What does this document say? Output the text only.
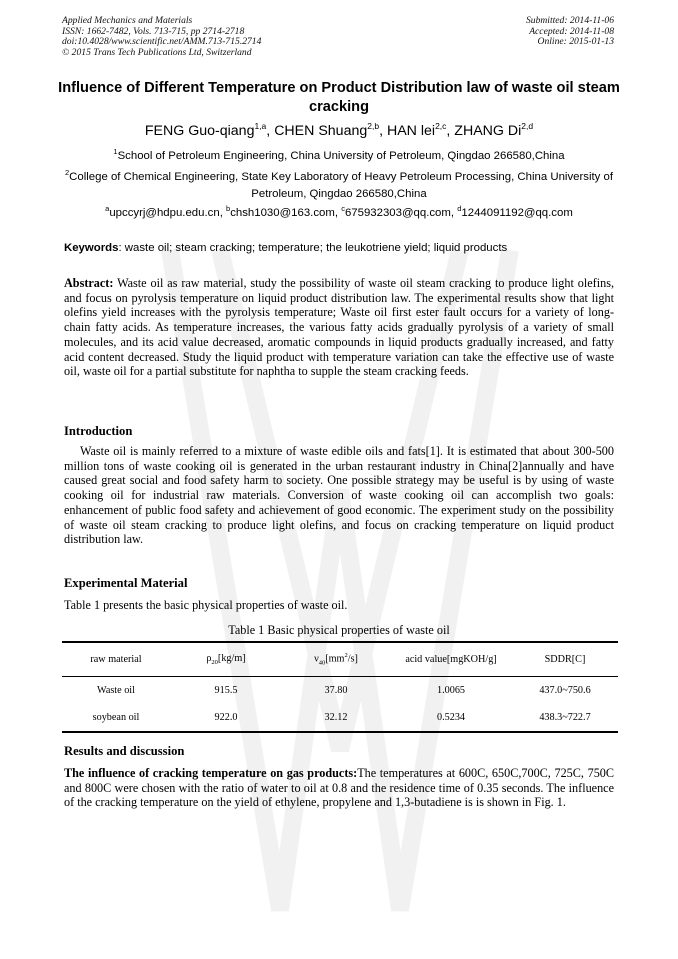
Applied Mechanics and Materials
ISSN: 1662-7482, Vols. 713-715, pp 2714-2718
doi:10.4028/www.scientific.net/AMM.713-715.2714
© 2015 Trans Tech Publications Ltd, Switzerland
Submitted: 2014-11-06
Accepted: 2014-11-08
Online: 2015-01-13
Influence of Different Temperature on Product Distribution law of waste oil steam cracking
FENG Guo-qiang$^{1,a}$, CHEN Shuang$^{2,b}$, HAN lei$^{2,c}$, ZHANG Di$^{2,d}$
$^1$School of Petroleum Engineering, China University of Petroleum, Qingdao 266580,China
$^2$College of Chemical Engineering, State Key Laboratory of Heavy Petroleum Processing, China University of Petroleum, Qingdao 266580,China
$^a$upccyrj@hdpu.edu.cn, $^b$chsh1030@163.com, $^c$675932303@qq.com, $^d$1244091192@qq.com
Keywords: waste oil; steam cracking; temperature; the leukotriene yield; liquid products
Abstract: Waste oil as raw material, study the possibility of waste oil steam cracking to produce light olefins, and focus on pyrolysis temperature on liquid product distribution law. The experimental results show that light olefins yield increases with the pyrolysis temperature; Waste oil first ester fault occurs for a variety of long-chain fatty acids. As temperature increases, the various fatty acids gradually pyrolysis of a variety of small molecules, and its acid value decreased, aromatic compounds in liquid products gradually increased, and fatty acid content decreased. Study the liquid product with temperature variation can take the effective use of waste oil, waste oil for a partial substitute for naphtha to supple the steam cracking feeds.
Introduction
Waste oil is mainly referred to a mixture of waste edible oils and fats[1]. It is estimated that about 300-500 million tons of waste cooking oil is generated in the urban restaurant industry in China[2]annually and have caused great social and food safety harm to society. One possible strategy may be useful is by using of waste cooking oil for industrial raw materials. Conversion of waste cooking oil can accomplish two goals: enhancement of public food safety and achievement of good economic. The experiment study on the possibility of waste oil steam cracking to produce light olefins, and focus on cracking temperature on liquid product distribution law.
Experimental Material
Table 1 presents the basic physical properties of waste oil.
Table 1 Basic physical properties of waste oil
raw material	$\rho_{20}[kg/m]$	$\nu_{40}[mm^2/s]$	acid value[mgKOH/g]	SDDR[C]
Waste oil	915.5	37.80	1.0065	437.0~750.6
soybean oil	922.0	32.12	0.5234	438.3~722.7
Results and discussion
The influence of cracking temperature on gas products:The temperatures at 600C, 650C,700C, 725C, 750C and 800C were chosen with the ratio of water to oil at 0.8 and the residence time of 0.35 seconds. The influence of the cracking temperature on the yield of ethylene, propylene and 1,3-butadiene is is shown in Fig. 1.
